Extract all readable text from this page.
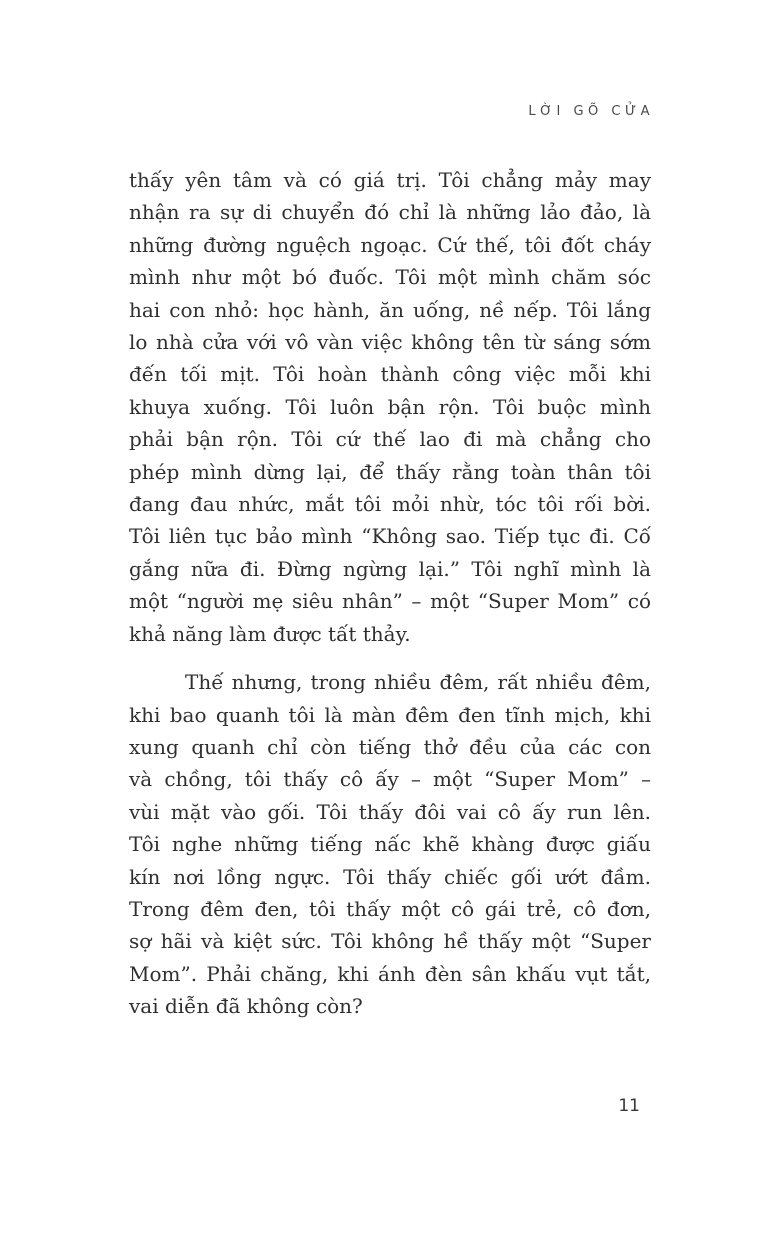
LỜI GÕ CỬA
thấy yên tâm và có giá trị. Tôi chẳng mảy may
nhận ra sự di chuyển đó chỉ là những lảo đảo, là
những đường nguệch ngoạc. Cứ thế, tôi đốt cháy
mình như một bó đuốc. Tôi một mình chăm sóc
hai con nhỏ: học hành, ăn uống, nề nếp. Tôi lắng
lo nhà cửa với vô vàn việc không tên từ sáng sớm
đến tối mịt. Tôi hoàn thành công việc mỗi khi
khuya xuống. Tôi luôn bận rộn. Tôi buộc mình
phải bận rộn. Tôi cứ thế lao đi mà chẳng cho
phép mình dừng lại, để thấy rằng toàn thân tôi
đang đau nhức, mắt tôi mỏi nhừ, tóc tôi rối bời.
Tôi liên tục bảo mình “Không sao. Tiếp tục đi. Cố
gắng nữa đi. Đừng ngừng lại.” Tôi nghĩ mình là
một “người mẹ siêu nhân” – một “Super Mom” có
khả năng làm được tất thảy.
Thế nhưng, trong nhiều đêm, rất nhiều đêm,
khi bao quanh tôi là màn đêm đen tĩnh mịch, khi
xung quanh chỉ còn tiếng thở đều của các con
và chồng, tôi thấy cô ấy – một “Super Mom” –
vùi mặt vào gối. Tôi thấy đôi vai cô ấy run lên.
Tôi nghe những tiếng nấc khẽ khàng được giấu
kín nơi lồng ngực. Tôi thấy chiếc gối ướt đầm.
Trong đêm đen, tôi thấy một cô gái trẻ, cô đơn,
sợ hãi và kiệt sức. Tôi không hề thấy một “Super
Mom”. Phải chăng, khi ánh đèn sân khấu vụt tắt,
vai diễn đã không còn?
11
